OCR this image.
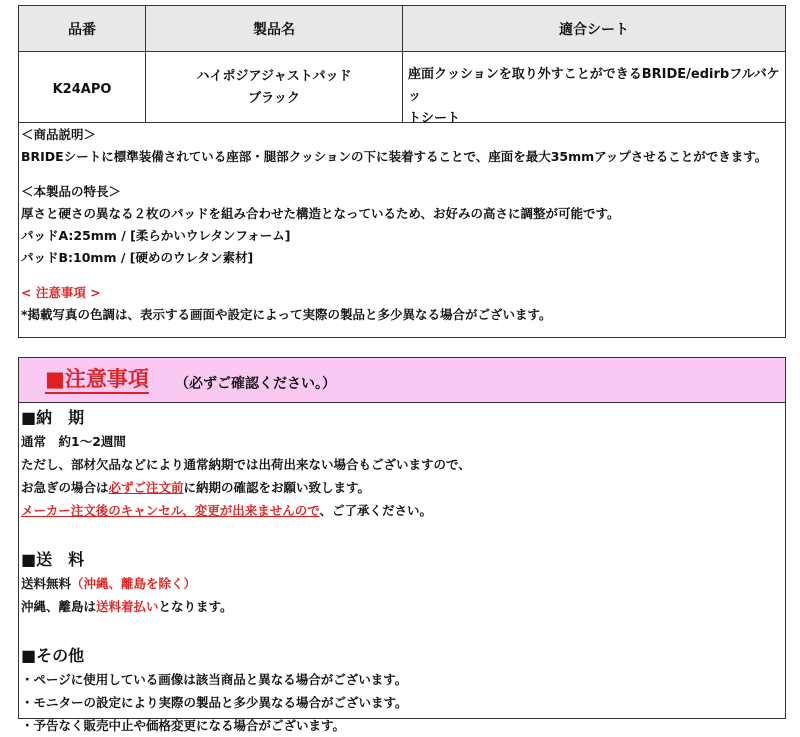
品番	製品名	適合シート
K24APO
ハイポジアジャストパッド
ブラック
座面クッションを取り外すことができるBRIDE/edirbフルバケッ
トシート

＜商品説明＞

BRIDEシートに標準装備されている座部・腿部クッションの下に装着することで、座面を最大35mmアップさせることができます。

＜本製品の特長＞

厚さと硬さの異なる２枚のパッドを組み合わせた構造となっているため、お好みの高さに調整が可能です。

パッドA:25mm / [柔らかいウレタンフォーム]

パッドB:10mm / [硬めのウレタン素材]

< 注意事項 >

*掲載写真の色調は、表示する画面や設定によって実際の製品と多少異なる場合がございます。

■注意事項 （必ずご確認ください。）

■納　期

通常　約1～2週間

ただし、部材欠品などにより通常納期では出荷出来ない場合もございますので、

お急ぎの場合は必ずご注文前に納期の確認をお願い致します。

メーカー注文後のキャンセル、変更が出来ませんので、ご了承ください。

■送　料

送料無料（沖縄、離島を除く）

沖縄、離島は送料着払いとなります。

■その他

・ページに使用している画像は該当商品と異なる場合がございます。

・モニターの設定により実際の製品と多少異なる場合がございます。

・予告なく販売中止や価格変更になる場合がございます。
